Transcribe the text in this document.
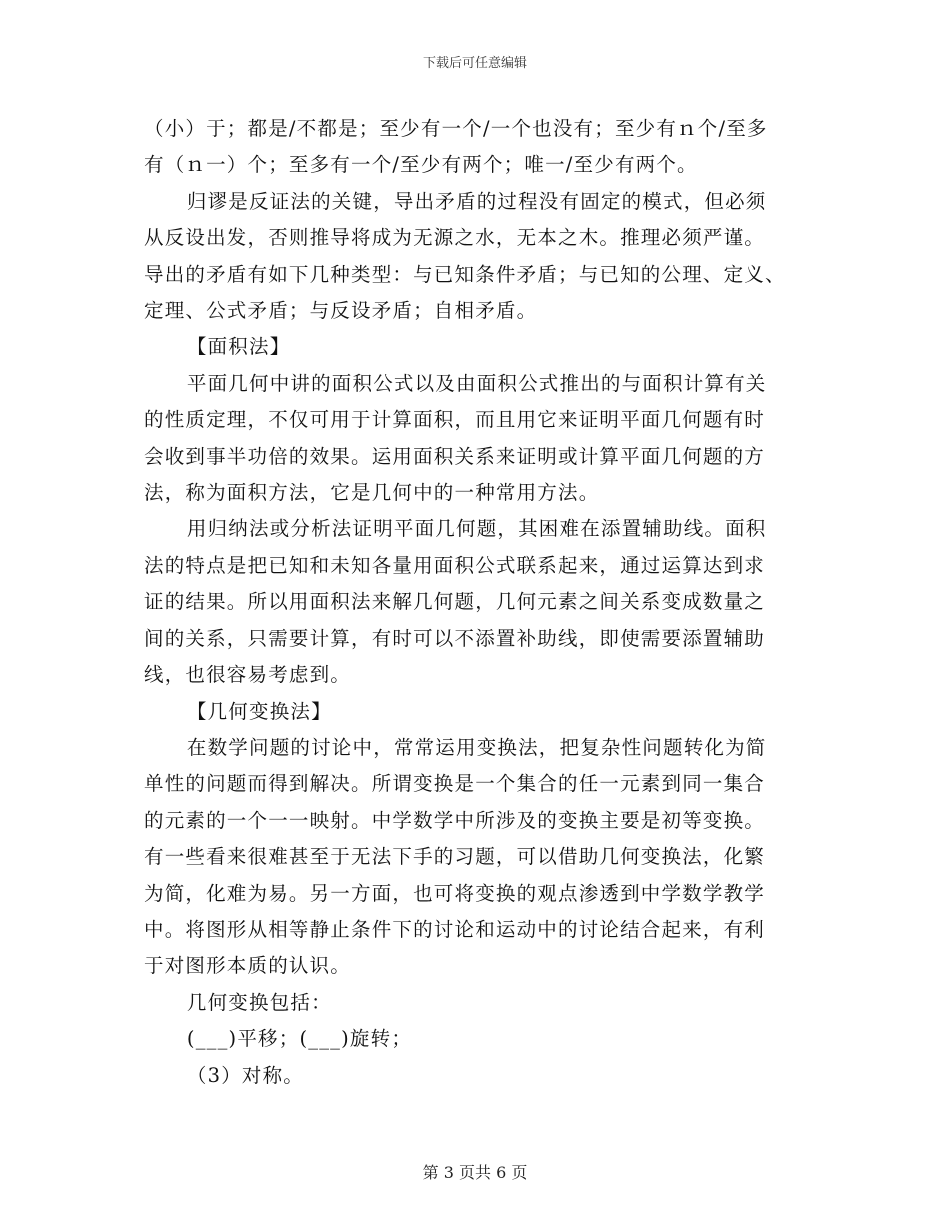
下载后可任意编辑

（小）于；都是/不都是；至少有一个/一个也没有；至少有ｎ个/至多
有（ｎ一）个；至多有一个/至少有两个；唯一/至少有两个。

归谬是反证法的关键，导出矛盾的过程没有固定的模式，但必须
从反设出发，否则推导将成为无源之水，无本之木。推理必须严谨。
导出的矛盾有如下几种类型：与已知条件矛盾；与已知的公理、定义、
定理、公式矛盾；与反设矛盾；自相矛盾。

【面积法】

平面几何中讲的面积公式以及由面积公式推出的与面积计算有关
的性质定理，不仅可用于计算面积，而且用它来证明平面几何题有时
会收到事半功倍的效果。运用面积关系来证明或计算平面几何题的方
法，称为面积方法，它是几何中的一种常用方法。

用归纳法或分析法证明平面几何题，其困难在添置辅助线。面积
法的特点是把已知和未知各量用面积公式联系起来，通过运算达到求
证的结果。所以用面积法来解几何题，几何元素之间关系变成数量之
间的关系，只需要计算，有时可以不添置补助线，即使需要添置辅助
线，也很容易考虑到。

【几何变换法】

在数学问题的讨论中，常常运用变换法，把复杂性问题转化为简
单性的问题而得到解决。所谓变换是一个集合的任一元素到同一集合
的元素的一个一一映射。中学数学中所涉及的变换主要是初等变换。
有一些看来很难甚至于无法下手的习题，可以借助几何变换法，化繁
为简，化难为易。另一方面，也可将变换的观点渗透到中学数学教学
中。将图形从相等静止条件下的讨论和运动中的讨论结合起来，有利
于对图形本质的认识。

几何变换包括：

(___)平移；(___)旋转；

（3）对称。

第 3 页共 6 页
